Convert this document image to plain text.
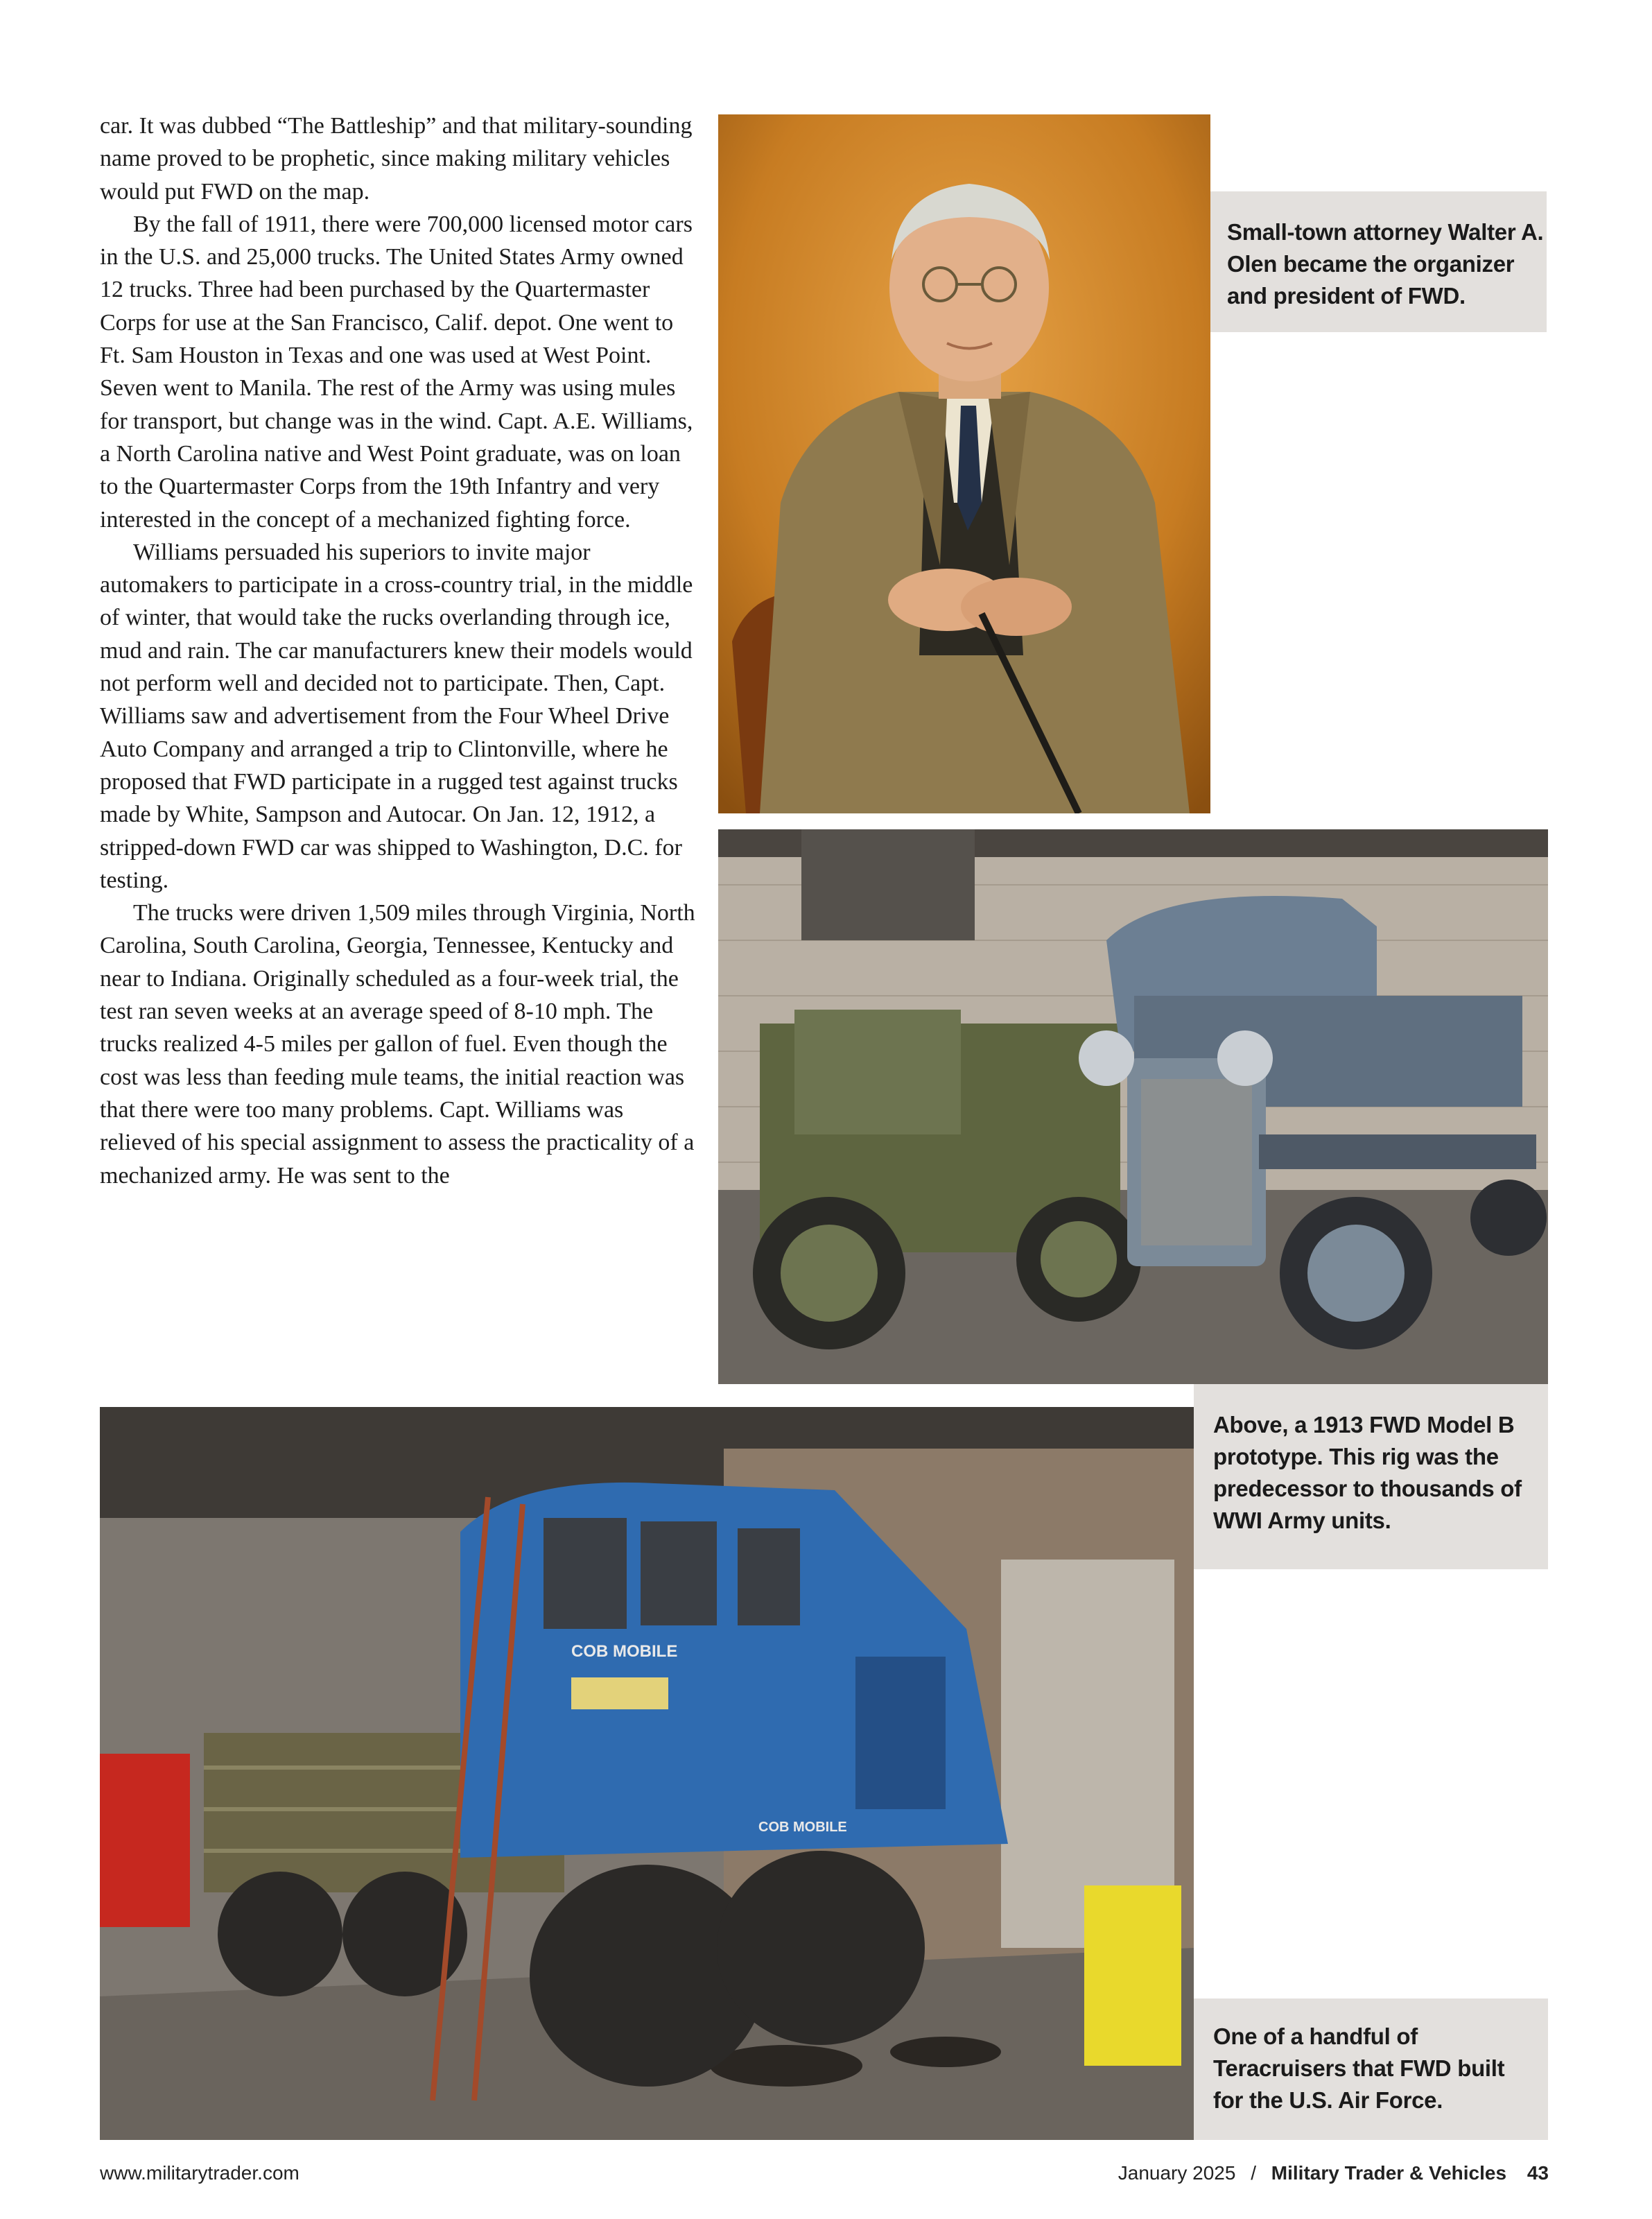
car. It was dubbed “The Battleship” and that military-sounding name proved to be prophetic, since making military vehicles would put FWD on the map.

By the fall of 1911, there were 700,000 licensed motor cars in the U.S. and 25,000 trucks. The United States Army owned 12 trucks. Three had been purchased by the Quartermaster Corps for use at the San Francisco, Calif. depot. One went to Ft. Sam Houston in Texas and one was used at West Point. Seven went to Manila. The rest of the Army was using mules for transport, but change was in the wind. Capt. A.E. Williams, a North Carolina native and West Point graduate, was on loan to the Quartermaster Corps from the 19th Infantry and very interested in the concept of a mechanized fighting force.

Williams persuaded his superiors to invite major automakers to participate in a cross-country trial, in the middle of winter, that would take the rucks overlanding through ice, mud and rain. The car manufacturers knew their models would not perform well and decided not to participate. Then, Capt. Williams saw and advertisement from the Four Wheel Drive Auto Company and arranged a trip to Clintonville, where he proposed that FWD participate in a rugged test against trucks made by White, Sampson and Autocar. On Jan. 12, 1912, a stripped-down FWD car was shipped to Washington, D.C. for testing.

The trucks were driven 1,509 miles through Virginia, North Carolina, South Carolina, Georgia, Tennessee, Kentucky and near to Indiana. Originally scheduled as a four-week trial, the test ran seven weeks at an average speed of 8-10 mph. The trucks realized 4-5 miles per gallon of fuel. Even though the cost was less than feeding mule teams, the initial reaction was that there were too many problems. Capt. Williams was relieved of his special assignment to assess the practicality of a mechanized army. He was sent to the

Small-town attorney Walter A. Olen became the organizer and president of FWD.
COB MOBILE
COB MOBILE
Above, a 1913 FWD Model B prototype. This rig was the predecessor to thousands of WWI Army units.
One of a handful of Teracruisers that FWD built for the U.S. Air Force.
www.militarytrader.com	January 2025 / Military Trader & Vehicles 43
